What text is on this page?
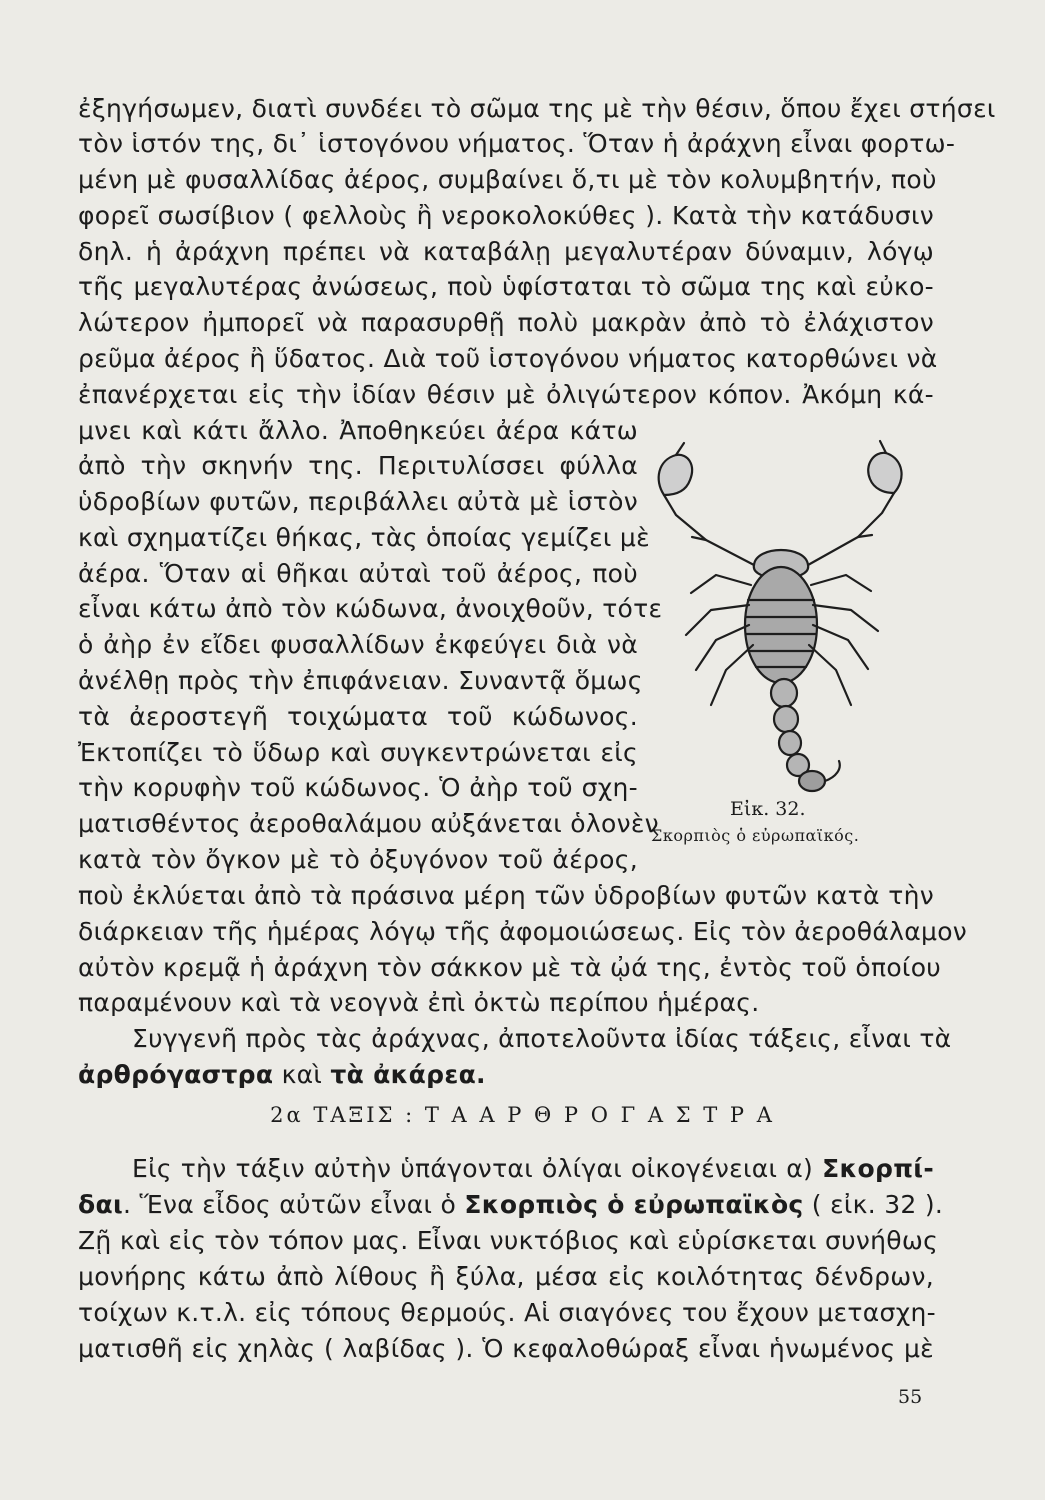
ἐξηγήσωμεν, διατὶ συνδέει τὸ σῶμα της μὲ τὴν θέσιν, ὅπου ἔχει στήσει
τὸν ἱστόν της, δι᾽ ἱστογόνου νήματος. Ὅταν ἡ ἀράχνη εἶναι φορτω-
μένη μὲ φυσαλλίδας ἀέρος, συμβαίνει ὅ,τι μὲ τὸν κολυμβητήν, ποὺ
φορεῖ σωσίβιον ( φελλοὺς ἢ νεροκολοκύθες ). Κατὰ τὴν κατάδυσιν
δηλ. ἡ ἀράχνη πρέπει νὰ καταβάλῃ μεγαλυτέραν δύναμιν, λόγῳ
τῆς μεγαλυτέρας ἀνώσεως, ποὺ ὑφίσταται τὸ σῶμα της καὶ εὐκο-
λώτερον ἠμπορεῖ νὰ παρασυρθῇ πολὺ μακρὰν ἀπὸ τὸ ἐλάχιστον
ρεῦμα ἀέρος ἢ ὕδατος. Διὰ τοῦ ἱστογόνου νήματος κατορθώνει νὰ
ἐπανέρχεται εἰς τὴν ἰδίαν θέσιν μὲ ὀλιγώτερον κόπον. Ἀκόμη κά-
μνει καὶ κάτι ἄλλο. Ἀποθηκεύει ἀέρα κάτω
ἀπὸ τὴν σκηνήν της. Περιτυλίσσει φύλλα
ὑδροβίων φυτῶν, περιβάλλει αὐτὰ μὲ ἱστὸν
καὶ σχηματίζει θήκας, τὰς ὁποίας γεμίζει μὲ
ἀέρα. Ὅταν αἱ θῆκαι αὐταὶ τοῦ ἀέρος, ποὺ
εἶναι κάτω ἀπὸ τὸν κώδωνα, ἀνοιχθοῦν, τότε
ὁ ἀὴρ ἐν εἴδει φυσαλλίδων ἐκφεύγει διὰ νὰ
ἀνέλθῃ πρὸς τὴν ἐπιφάνειαν. Συναντᾷ ὅμως
τὰ ἀεροστεγῆ τοιχώματα τοῦ κώδωνος.
Ἐκτοπίζει τὸ ὕδωρ καὶ συγκεντρώνεται εἰς
τὴν κορυφὴν τοῦ κώδωνος. Ὁ ἀὴρ τοῦ σχη-
ματισθέντος ἀεροθαλάμου αὐξάνεται ὁλονὲν
κατὰ τὸν ὄγκον μὲ τὸ ὀξυγόνον τοῦ ἀέρος,
Εἰκ. 32.
Σκορπιὸς ὁ εὐρωπαϊκός.
ποὺ ἐκλύεται ἀπὸ τὰ πράσινα μέρη τῶν ὑδροβίων φυτῶν κατὰ τὴν
διάρκειαν τῆς ἡμέρας λόγῳ τῆς ἀφομοιώσεως. Εἰς τὸν ἀεροθάλαμον
αὐτὸν κρεμᾷ ἡ ἀράχνη τὸν σάκκον μὲ τὰ ᾠά της, ἐντὸς τοῦ ὁποίου
παραμένουν καὶ τὰ νεογνὰ ἐπὶ ὀκτὼ περίπου ἡμέρας.
Συγγενῆ πρὸς τὰς ἀράχνας, ἀποτελοῦντα ἰδίας τάξεις, εἶναι τὰ
ἀρθρόγαστρα καὶ τὰ ἀκάρεα.
2α ΤΑΞΙΣ : Τ Α Α Ρ Θ Ρ Ο Γ Α Σ Τ Ρ Α
Εἰς τὴν τάξιν αὐτὴν ὑπάγονται ὀλίγαι οἰκογένειαι α) Σκορπί-
δαι. Ἕνα εἶδος αὐτῶν εἶναι ὁ Σκορπιὸς ὁ εὐρωπαϊκὸς ( εἰκ. 32 ).
Ζῇ καὶ εἰς τὸν τόπον μας. Εἶναι νυκτόβιος καὶ εὑρίσκεται συνήθως
μονήρης κάτω ἀπὸ λίθους ἢ ξύλα, μέσα εἰς κοιλότητας δένδρων,
τοίχων κ.τ.λ. εἰς τόπους θερμούς. Αἱ σιαγόνες του ἔχουν μετασχη-
ματισθῆ εἰς χηλὰς ( λαβίδας ). Ὁ κεφαλοθώραξ εἶναι ἡνωμένος μὲ
55
